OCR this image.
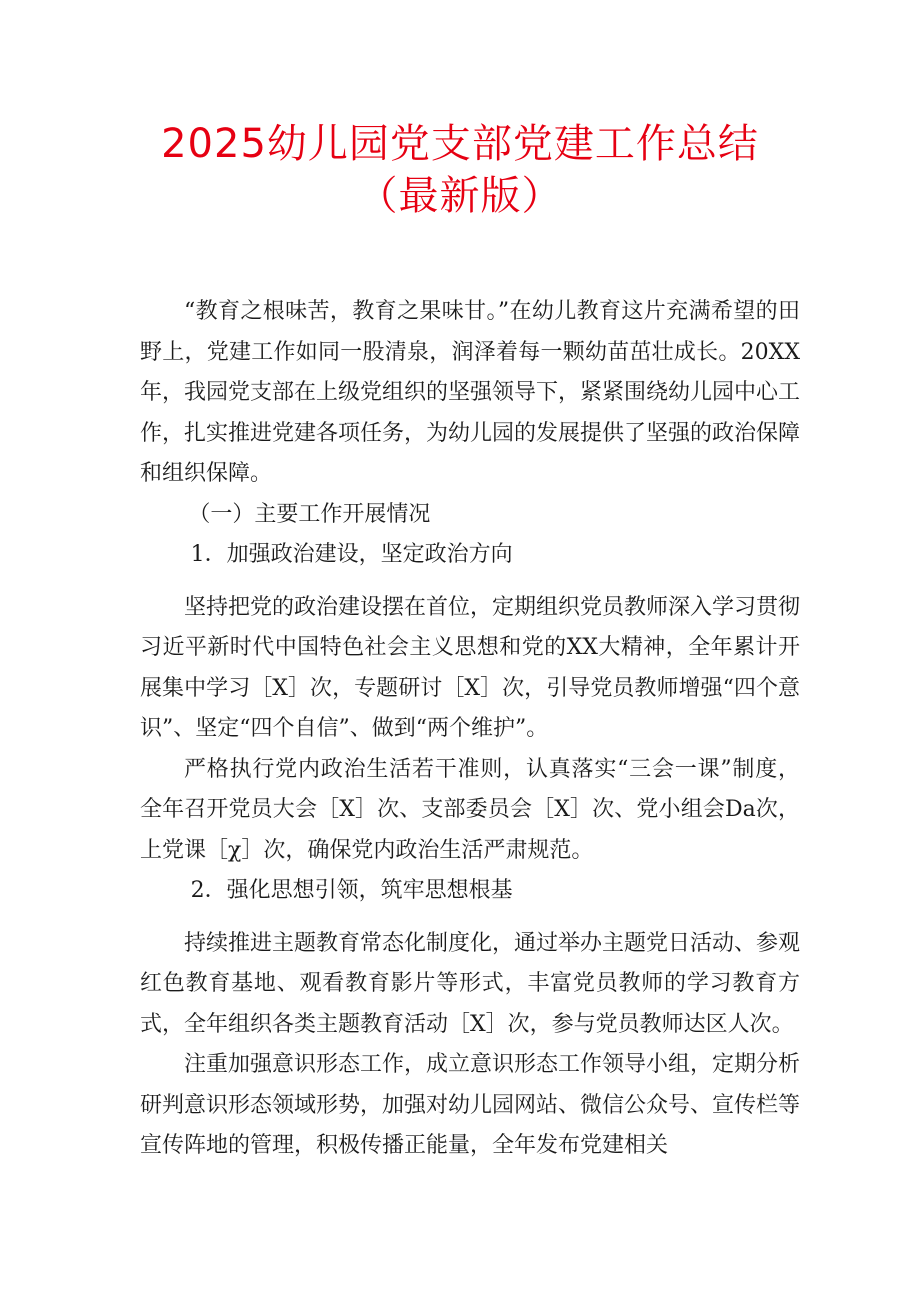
2025幼儿园党支部党建工作总结
（最新版）

“教育之根味苦，教育之果味甘。”在幼儿教育这片充满希望的田野上，党建工作如同一股清泉，润泽着每一颗幼苗茁壮成长。20XX年，我园党支部在上级党组织的坚强领导下，紧紧围绕幼儿园中心工作，扎实推进党建各项任务，为幼儿园的发展提供了坚强的政治保障和组织保障。

（一）主要工作开展情况

1．加强政治建设，坚定政治方向

坚持把党的政治建设摆在首位，定期组织党员教师深入学习贯彻习近平新时代中国特色社会主义思想和党的XX大精神，全年累计开展集中学习［X］次，专题研讨［X］次，引导党员教师增强“四个意识”、坚定“四个自信”、做到“两个维护”。

严格执行党内政治生活若干准则，认真落实“三会一课”制度，全年召开党员大会［X］次、支部委员会［X］次、党小组会Da次，上党课［χ］次，确保党内政治生活严肃规范。

2．强化思想引领，筑牢思想根基

持续推进主题教育常态化制度化，通过举办主题党日活动、参观红色教育基地、观看教育影片等形式，丰富党员教师的学习教育方式，全年组织各类主题教育活动［X］次，参与党员教师达区人次。

注重加强意识形态工作，成立意识形态工作领导小组，定期分析研判意识形态领域形势，加强对幼儿园网站、微信公众号、宣传栏等宣传阵地的管理，积极传播正能量，全年发布党建相关
